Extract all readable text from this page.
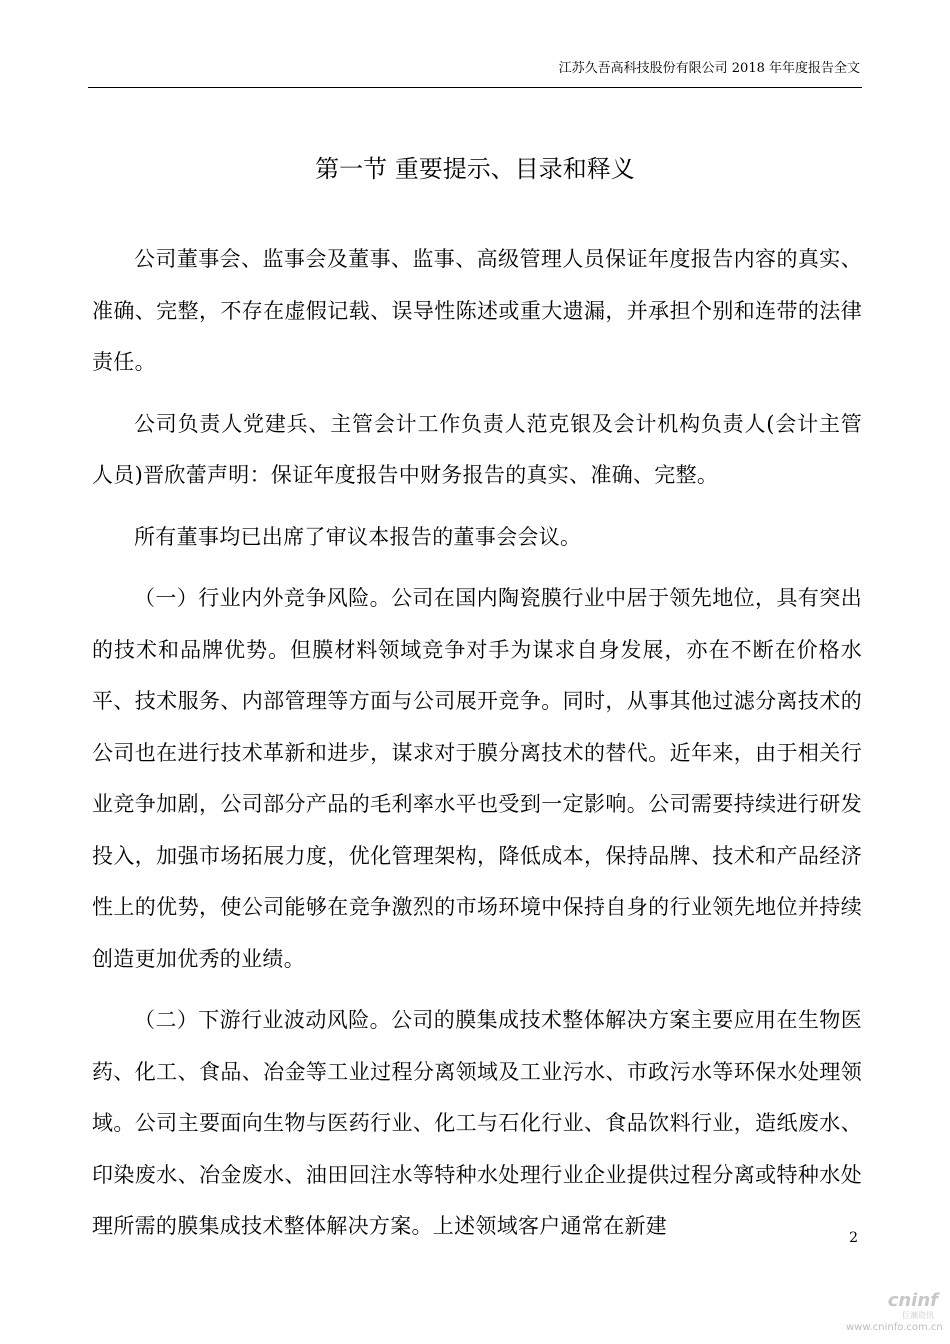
江苏久吾高科技股份有限公司 2018 年年度报告全文
第一节 重要提示、目录和释义

公司董事会、监事会及董事、监事、高级管理人员保证年度报告内容的真实、准确、完整，不存在虚假记载、误导性陈述或重大遗漏，并承担个别和连带的法律责任。

公司负责人党建兵、主管会计工作负责人范克银及会计机构负责人(会计主管人员)晋欣蕾声明：保证年度报告中财务报告的真实、准确、完整。

所有董事均已出席了审议本报告的董事会会议。

（一）行业内外竞争风险。公司在国内陶瓷膜行业中居于领先地位，具有突出的技术和品牌优势。但膜材料领域竞争对手为谋求自身发展，亦在不断在价格水平、技术服务、内部管理等方面与公司展开竞争。同时，从事其他过滤分离技术的公司也在进行技术革新和进步，谋求对于膜分离技术的替代。近年来，由于相关行业竞争加剧，公司部分产品的毛利率水平也受到一定影响。公司需要持续进行研发投入，加强市场拓展力度，优化管理架构，降低成本，保持品牌、技术和产品经济性上的优势，使公司能够在竞争激烈的市场环境中保持自身的行业领先地位并持续创造更加优秀的业绩。

（二）下游行业波动风险。公司的膜集成技术整体解决方案主要应用在生物医药、化工、食品、冶金等工业过程分离领域及工业污水、市政污水等环保水处理领域。公司主要面向生物与医药行业、化工与石化行业、食品饮料行业，造纸废水、印染废水、冶金废水、油田回注水等特种水处理行业企业提供过程分离或特种水处理所需的膜集成技术整体解决方案。上述领域客户通常在新建	2
cninf
巨潮资讯
www.cninfo.com.cn
